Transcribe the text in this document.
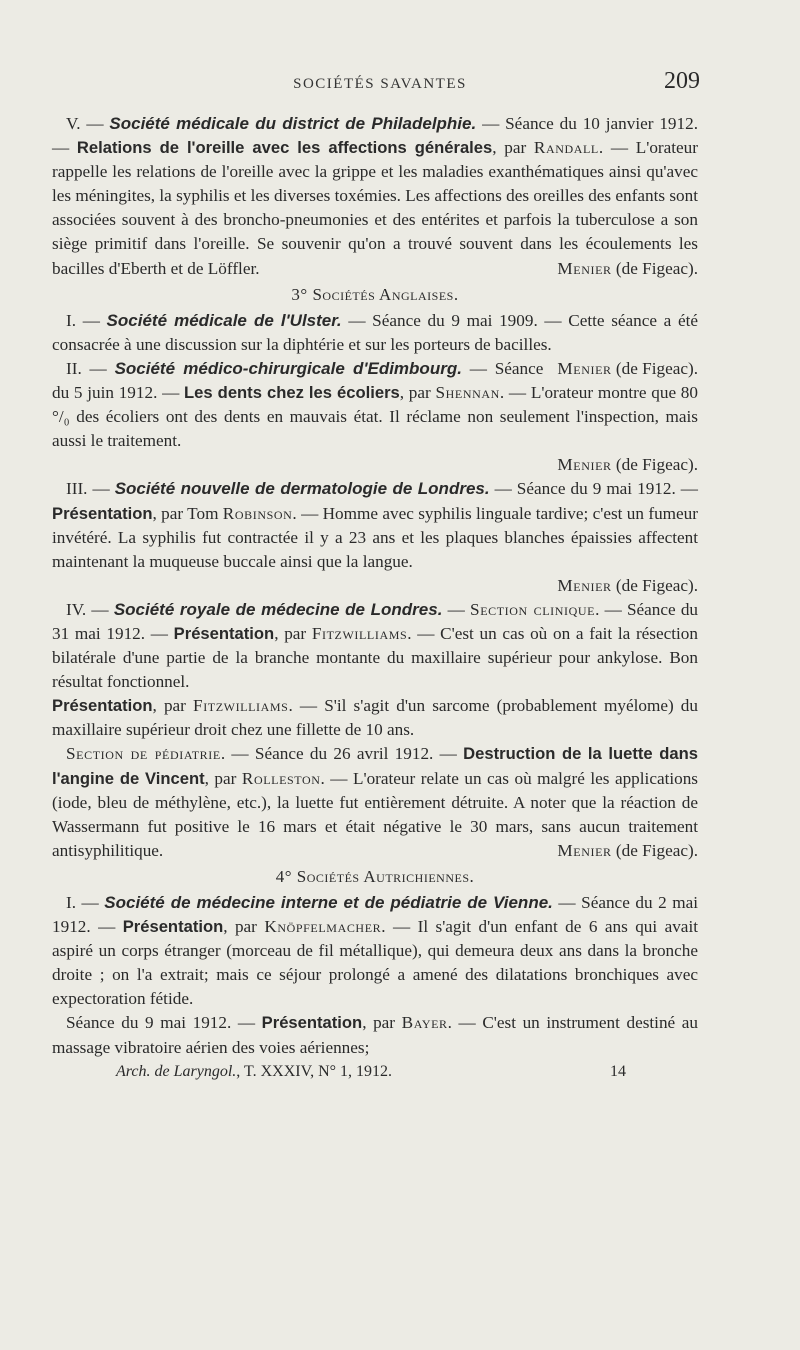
SOCIÉTÉS SAVANTES	209

V. — Société médicale du district de Philadelphie. — Séance du 10 janvier 1912. — Relations de l'oreille avec les affections générales, par Randall. — L'orateur rappelle les relations de l'oreille avec la grippe et les maladies exanthématiques ainsi qu'avec les méningites, la syphilis et les diverses toxémies. Les affections des oreilles des enfants sont associées souvent à des broncho-pneumonies et des entérites et parfois la tuberculose a son siège primitif dans l'oreille. Se souvenir qu'on a trouvé souvent dans les écoulements les bacilles d'Eberth et de Löffler.	Menier (de Figeac).

3° Sociétés Anglaises.

I. — Société médicale de l'Ulster. — Séance du 9 mai 1909. — Cette séance a été consacrée à une discussion sur la diphtérie et sur les porteurs de bacilles.
Menier (de Figeac).

II. — Société médico-chirurgicale d'Edimbourg. — Séance du 5 juin 1912. — Les dents chez les écoliers, par Shennan. — L'orateur montre que 80 °/₀ des écoliers ont des dents en mauvais état. Il réclame non seulement l'inspection, mais aussi le traitement.
Menier (de Figeac).

III. — Société nouvelle de dermatologie de Londres. — Séance du 9 mai 1912. — Présentation, par Tom Robinson. — Homme avec syphilis linguale tardive; c'est un fumeur invétéré. La syphilis fut contractée il y a 23 ans et les plaques blanches épaissies affectent maintenant la muqueuse buccale ainsi que la langue.
Menier (de Figeac).

IV. — Société royale de médecine de Londres. — Section clinique. — Séance du 31 mai 1912. — Présentation, par Fitzwilliams. — C'est un cas où on a fait la résection bilatérale d'une partie de la branche montante du maxillaire supérieur pour ankylose. Bon résultat fonctionnel.

Présentation, par Fitzwilliams. — S'il s'agit d'un sarcome (probablement myélome) du maxillaire supérieur droit chez une fillette de 10 ans.

Section de pédiatrie. — Séance du 26 avril 1912. — Destruction de la luette dans l'angine de Vincent, par Rolleston. — L'orateur relate un cas où malgré les applications (iode, bleu de méthylène, etc.), la luette fut entièrement détruite. A noter que la réaction de Wassermann fut positive le 16 mars et était négative le 30 mars, sans aucun traitement antisyphilitique.	Menier (de Figeac).

4° Sociétés Autrichiennes.

I. — Société de médecine interne et de pédiatrie de Vienne. — Séance du 2 mai 1912. — Présentation, par Knöpfelmacher. — Il s'agit d'un enfant de 6 ans qui avait aspiré un corps étranger (morceau de fil métallique), qui demeura deux ans dans la bronche droite ; on l'a extrait; mais ce séjour prolongé a amené des dilatations bronchiques avec expectoration fétide.

Séance du 9 mai 1912. — Présentation, par Bayer. — C'est un instrument destiné au massage vibratoire aérien des voies aériennes;

Arch. de Laryngol., T. XXXIV, N° 1, 1912.	14
